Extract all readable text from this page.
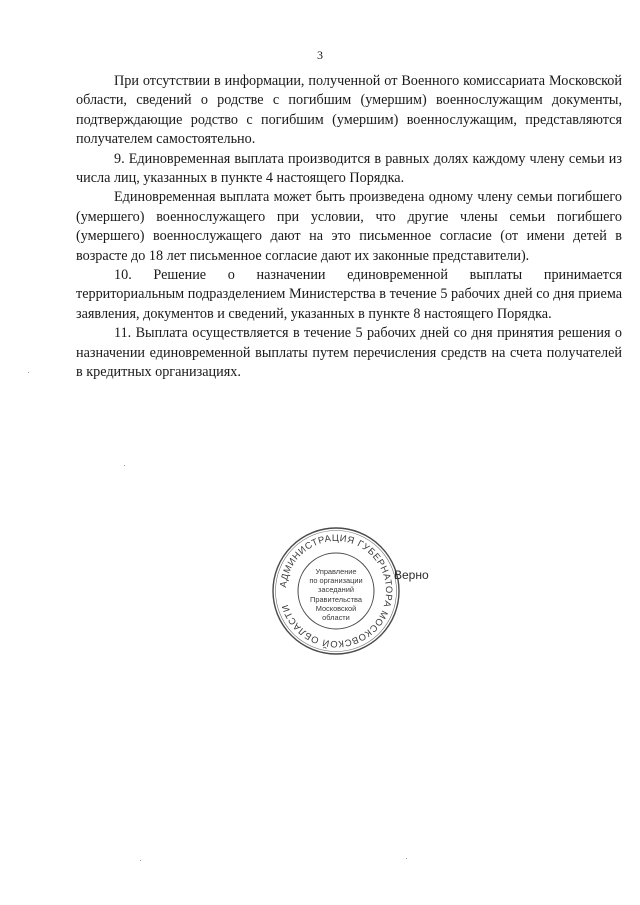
3

При отсутствии в информации, полученной от Военного комиссариата Московской области, сведений о родстве с погибшим (умершим) военнослужащим документы, подтверждающие родство с погибшим (умершим) военнослужащим, представляются получателем самостоятельно.

9. Единовременная выплата производится в равных долях каждому члену семьи из числа лиц, указанных в пункте 4 настоящего Порядка.

Единовременная выплата может быть произведена одному члену семьи погибшего (умершего) военнослужащего при условии, что другие члены семьи погибшего (умершего) военнослужащего дают на это письменное согласие (от имени детей в возрасте до 18 лет письменное согласие дают их законные представители).

10. Решение о назначении единовременной выплаты принимается территориальным подразделением Министерства в течение 5 рабочих дней со дня приема заявления, документов и сведений, указанных в пункте 8 настоящего Порядка.

11. Выплата осуществляется в течение 5 рабочих дней со дня принятия решения о назначении единовременной выплаты путем перечисления средств на счета получателей в кредитных организациях.

АДМИНИСТРАЦИЯ ГУБЕРНАТОРА МОСКОВСКОЙ ОБЛАСТИ
Управление
по организации
заседаний
Правительства
Московской
области
Верно
